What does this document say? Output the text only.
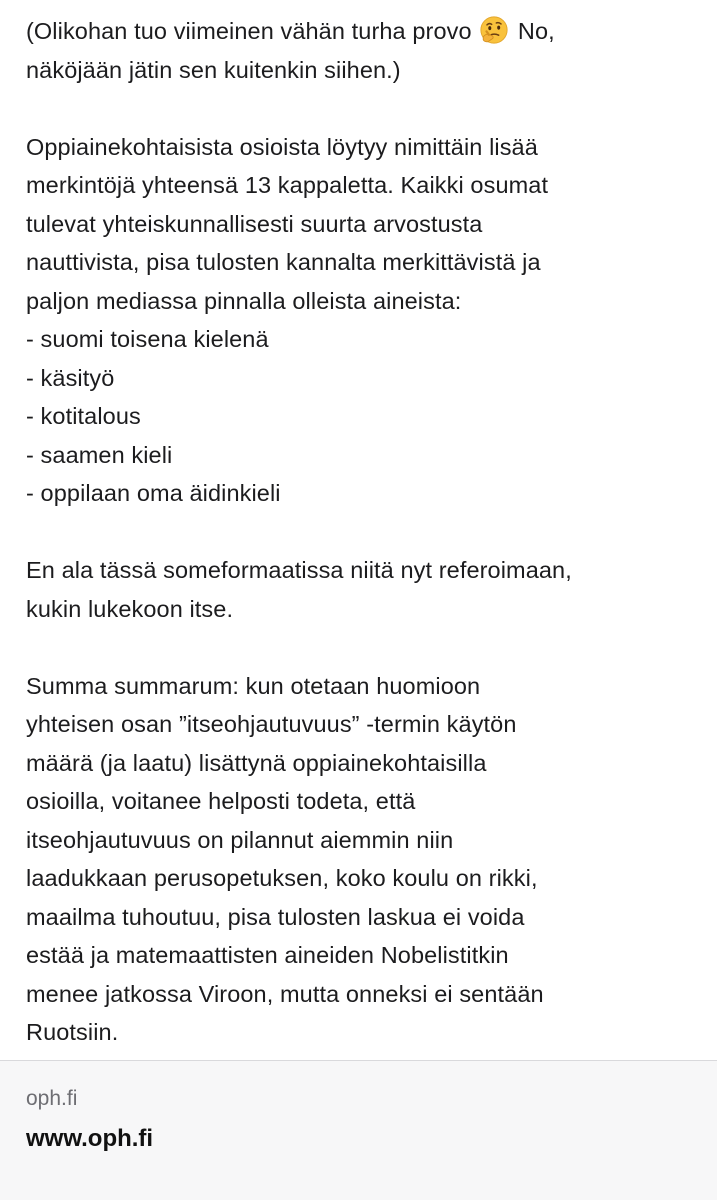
(Olikohan tuo viimeinen vähän turha provo No,
näköjään jätin sen kuitenkin siihen.)
Oppiainekohtaisista osioista löytyy nimittäin lisää
merkintöjä yhteensä 13 kappaletta. Kaikki osumat
tulevat yhteiskunnallisesti suurta arvostusta
nauttivista, pisa tulosten kannalta merkittävistä ja
paljon mediassa pinnalla olleista aineista:
- suomi toisena kielenä
- käsityö
- kotitalous
- saamen kieli
- oppilaan oma äidinkieli
En ala tässä someformaatissa niitä nyt referoimaan,
kukin lukekoon itse.
Summa summarum: kun otetaan huomioon
yhteisen osan ”itseohjautuvuus” -termin käytön
määrä (ja laatu) lisättynä oppiainekohtaisilla
osioilla, voitanee helposti todeta, että
itseohjautuvuus on pilannut aiemmin niin
laadukkaan perusopetuksen, koko koulu on rikki,
maailma tuhoutuu, pisa tulosten laskua ei voida
estää ja matemaattisten aineiden Nobelistitkin
menee jatkossa Viroon, mutta onneksi ei sentään
Ruotsiin.
oph.fi
www.oph.fi
